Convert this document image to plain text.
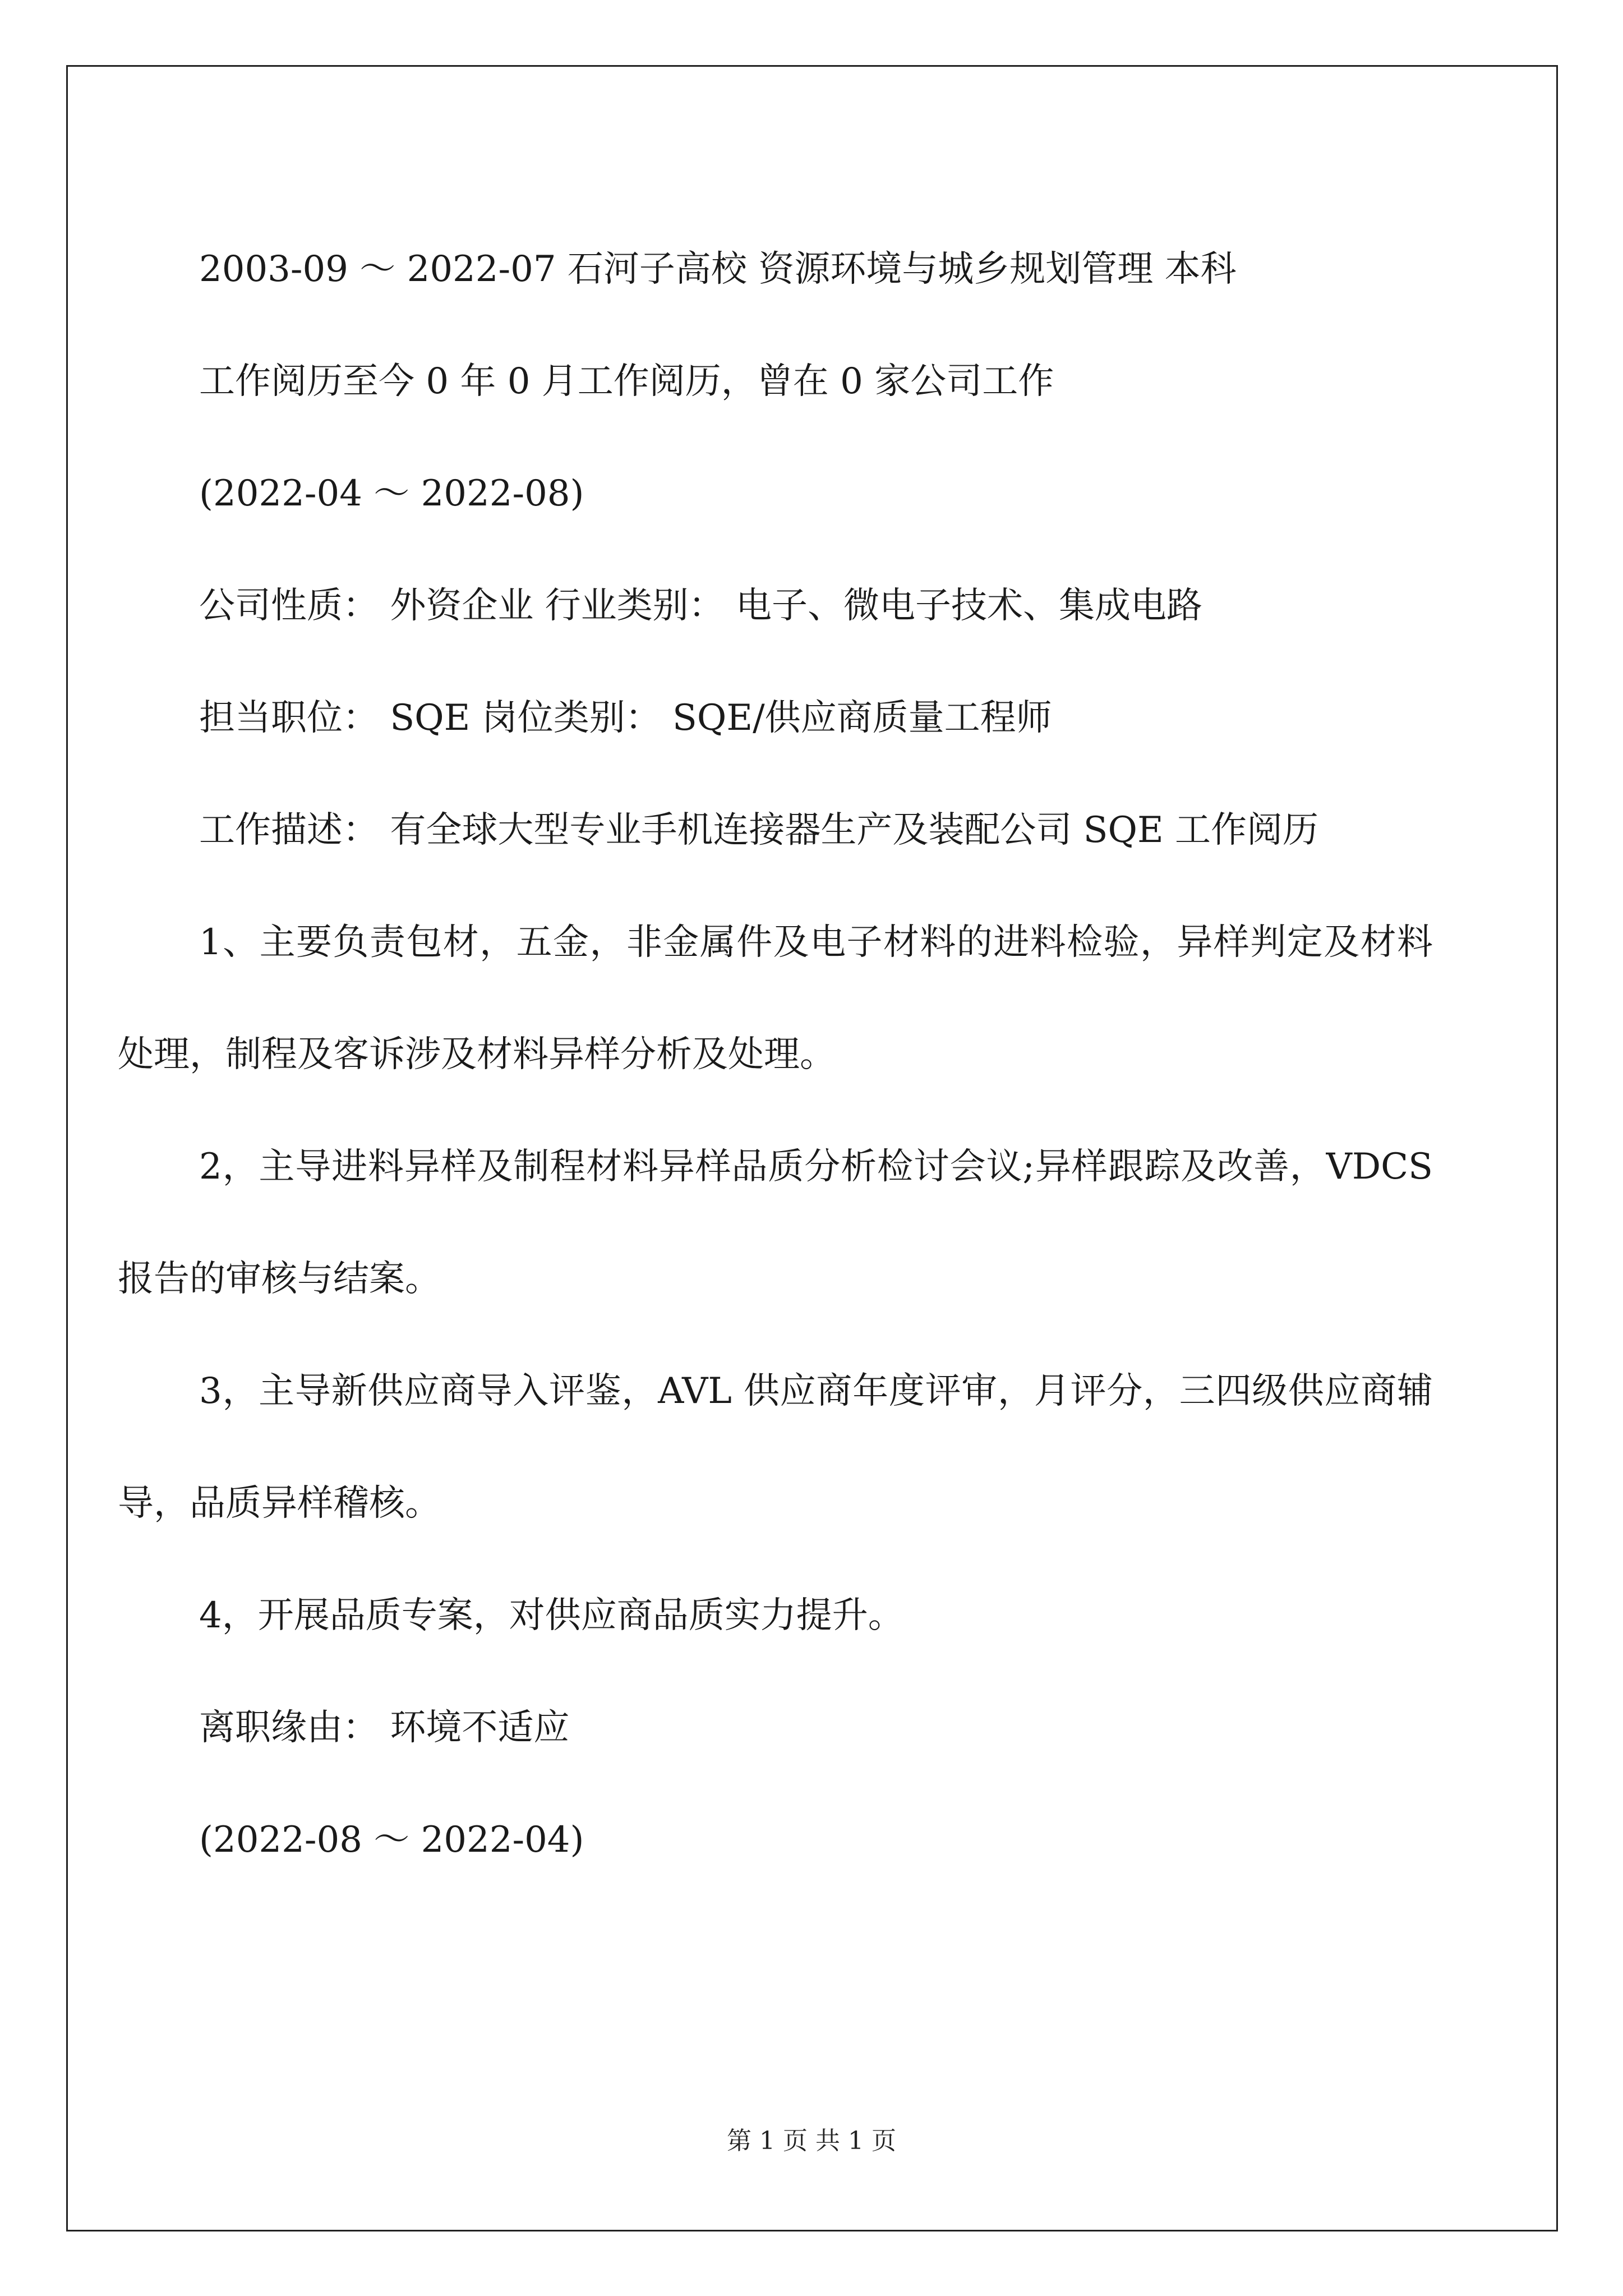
2003-09 ～ 2022-07 石河子高校 资源环境与城乡规划管理 本科

工作阅历至今 0 年 0 月工作阅历，曾在 0 家公司工作

(2022-04 ～ 2022-08)

公司性质： 外资企业 行业类别： 电子、微电子技术、集成电路

担当职位： SQE 岗位类别： SQE/供应商质量工程师

工作描述： 有全球大型专业手机连接器生产及装配公司 SQE 工作阅历

1、主要负责包材，五金，非金属件及电子材料的进料检验，异样判定及材料处理，制程及客诉涉及材料异样分析及处理。

2，主导进料异样及制程材料异样品质分析检讨会议;异样跟踪及改善，VDCS 报告的审核与结案。

3，主导新供应商导入评鉴，AVL 供应商年度评审，月评分，三四级供应商辅导，品质异样稽核。

4，开展品质专案，对供应商品质实力提升。

离职缘由： 环境不适应

(2022-08 ～ 2022-04)

第 1 页 共 1 页
